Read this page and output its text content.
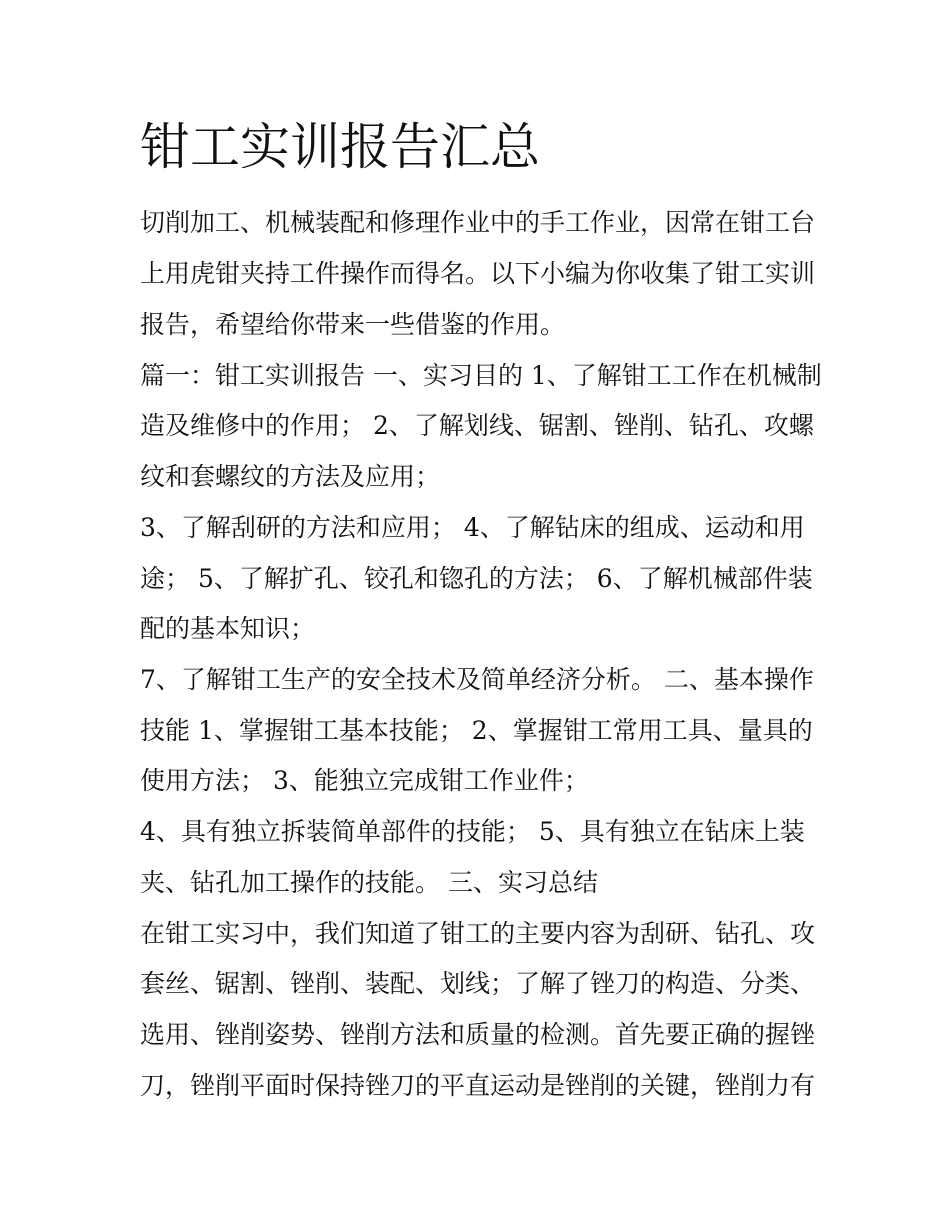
钳工实训报告汇总

切削加工、机械装配和修理作业中的手工作业，因常在钳工台

上用虎钳夹持工件操作而得名。以下小编为你收集了钳工实训

报告，希望给你带来一些借鉴的作用。

篇一：钳工实训报告 一、实习目的 1、了解钳工工作在机械制

造及维修中的作用； 2、了解划线、锯割、锉削、钻孔、攻螺

纹和套螺纹的方法及应用；

3、了解刮研的方法和应用； 4、了解钻床的组成、运动和用

途； 5、了解扩孔、铰孔和锪孔的方法； 6、了解机械部件装

配的基本知识；

7、了解钳工生产的安全技术及简单经济分析。 二、基本操作

技能 1、掌握钳工基本技能； 2、掌握钳工常用工具、量具的

使用方法； 3、能独立完成钳工作业件；

4、具有独立拆装简单部件的技能； 5、具有独立在钻床上装

夹、钻孔加工操作的技能。 三、实习总结

在钳工实习中，我们知道了钳工的主要内容为刮研、钻孔、攻

套丝、锯割、锉削、装配、划线；了解了锉刀的构造、分类、

选用、锉削姿势、锉削方法和质量的检测。首先要正确的握锉

刀，锉削平面时保持锉刀的平直运动是锉削的关键，锉削力有
